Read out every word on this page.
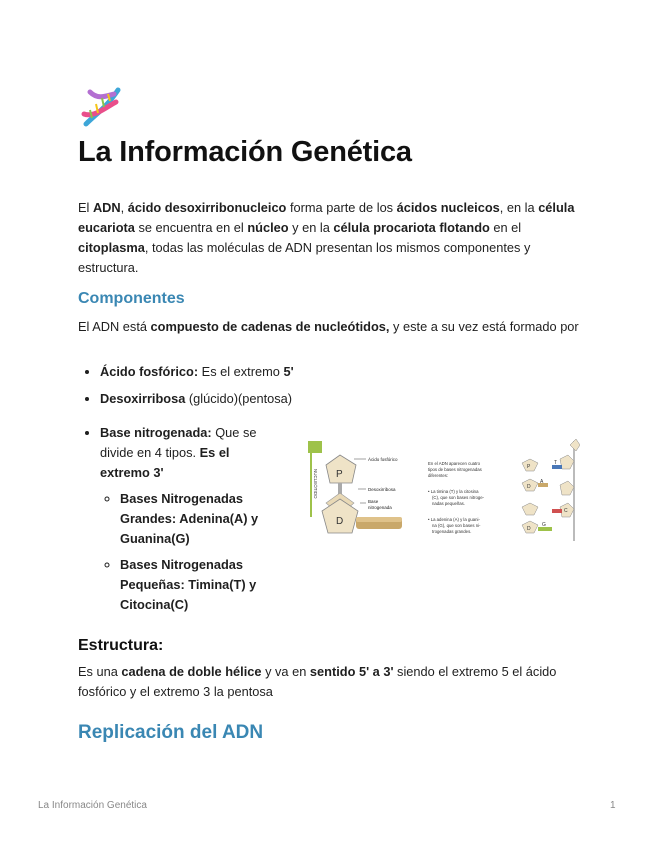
La Información Genética

El ADN, ácido desoxirribonucleico forma parte de los ácidos nucleicos, en la célula eucariota se encuentra en el núcleo y en la célula procariota flotando en el citoplasma, todas las moléculas de ADN presentan los mismos componentes y estructura.

Componentes

El ADN está compuesto de cadenas de nucleótidos, y este a su vez está formado por

• Ácido fosfórico: Es el extremo 5'
• Desoxirribosa (glúcido)(pentosa)
• Base nitrogenada: Que se divide en 4 tipos. Es el extremo 3'
◦ Bases Nitrogenadas Grandes: Adenina(A) y Guanina(G)
◦ Bases Nitrogenadas Pequeñas: Timina(T) y Citocina(C)
NUCLEÓTIDO P
D
Ácido fosfórico
Desoxirribosa
Base
nitrogenada
En el ADN aparecen cuatro
tipos de bases nitrogenadas
diferentes:
• La timina (T) y la citosina
(C), que son bases nitroge-
nadas pequeñas.
• La adenina (A) y la guani-
na (G), que son bases ni-
trogenadas grandes.
P
D
A
D
G
T
C
Estructura:

Es una cadena de doble hélice y va en sentido 5' a 3' siendo el extremo 5 el ácido fosfórico y el extremo 3 la pentosa

Replicación del ADN
La Información Genética	1
